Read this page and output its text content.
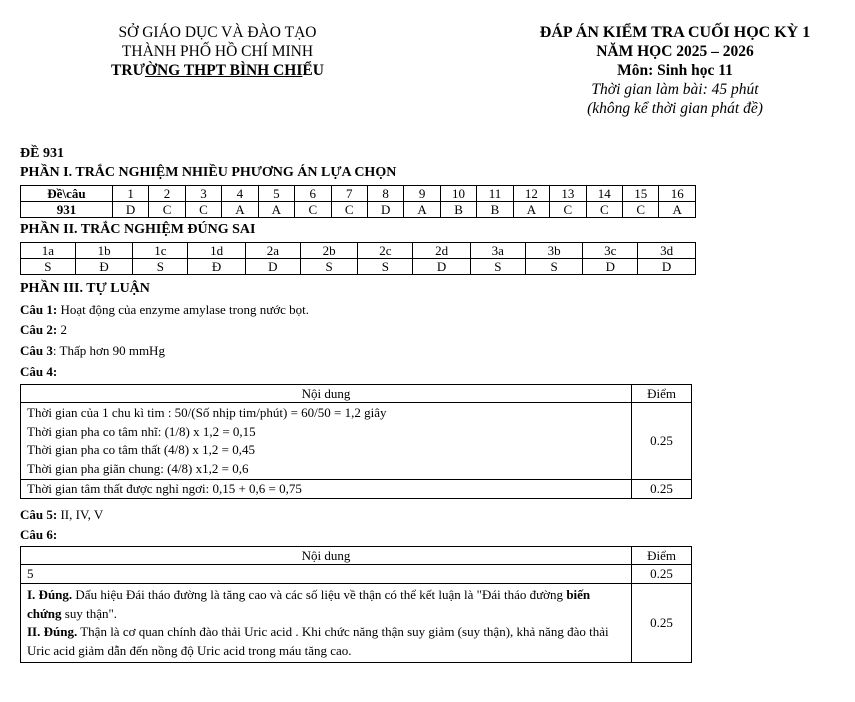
SỞ GIÁO DỤC VÀ ĐÀO TẠO
THÀNH PHỐ HỒ CHÍ MINH
TRƯỜNG THPT BÌNH CHIỂU
ĐÁP ÁN KIỂM TRA CUỐI HỌC KỲ 1
NĂM HỌC 2025 – 2026
Môn: Sinh học 11
Thời gian làm bài: 45 phút
(không kể thời gian phát đề)
ĐỀ 931
PHẦN I. TRẮC NGHIỆM NHIỀU PHƯƠNG ÁN LỰA CHỌN
Đề\câu	1	2	3	4	5	6	7	8	9	10	11	12	13	14	15	16
931	D	C	C	A	A	C	C	D	A	B	B	A	C	C	C	A
PHẦN II. TRẮC NGHIỆM ĐÚNG SAI
1a	1b	1c	1d	2a	2b	2c	2d	3a	3b	3c	3d
S	Đ	S	Đ	D	S	S	D	S	S	D	D
PHẦN III. TỰ LUẬN
Câu 1: Hoạt động của enzyme amylase trong nước bọt.
Câu 2: 2
Câu 3: Thấp hơn 90 mmHg
Câu 4:
Nội dung	Điểm

Thời gian của 1 chu kì tim : 50/(Số nhịp tim/phút) = 60/50 = 1,2 giây
Thời gian pha co tâm nhĩ: (1/8) x 1,2 = 0,15
Thời gian pha co tâm thất (4/8) x 1,2 = 0,45
Thời gian pha giãn chung: (4/8) x1,2 = 0,6	0.25
Thời gian tâm thất được nghỉ ngơi: 0,15 + 0,6 = 0,75	0.25
Câu 5: II, IV, V
Câu 6:
Nội dung	Điểm
5	0.25

I. Đúng. Dấu hiệu Đái tháo đường là tăng cao và các số liệu về thận có thể kết luận là "Đái tháo đường biến chứng suy thận".
II. Đúng. Thận là cơ quan chính đào thải Uric acid . Khi chức năng thận suy giảm (suy thận), khả năng đào thải Uric acid giảm dẫn đến nồng độ Uric acid trong máu tăng cao.	0.25
